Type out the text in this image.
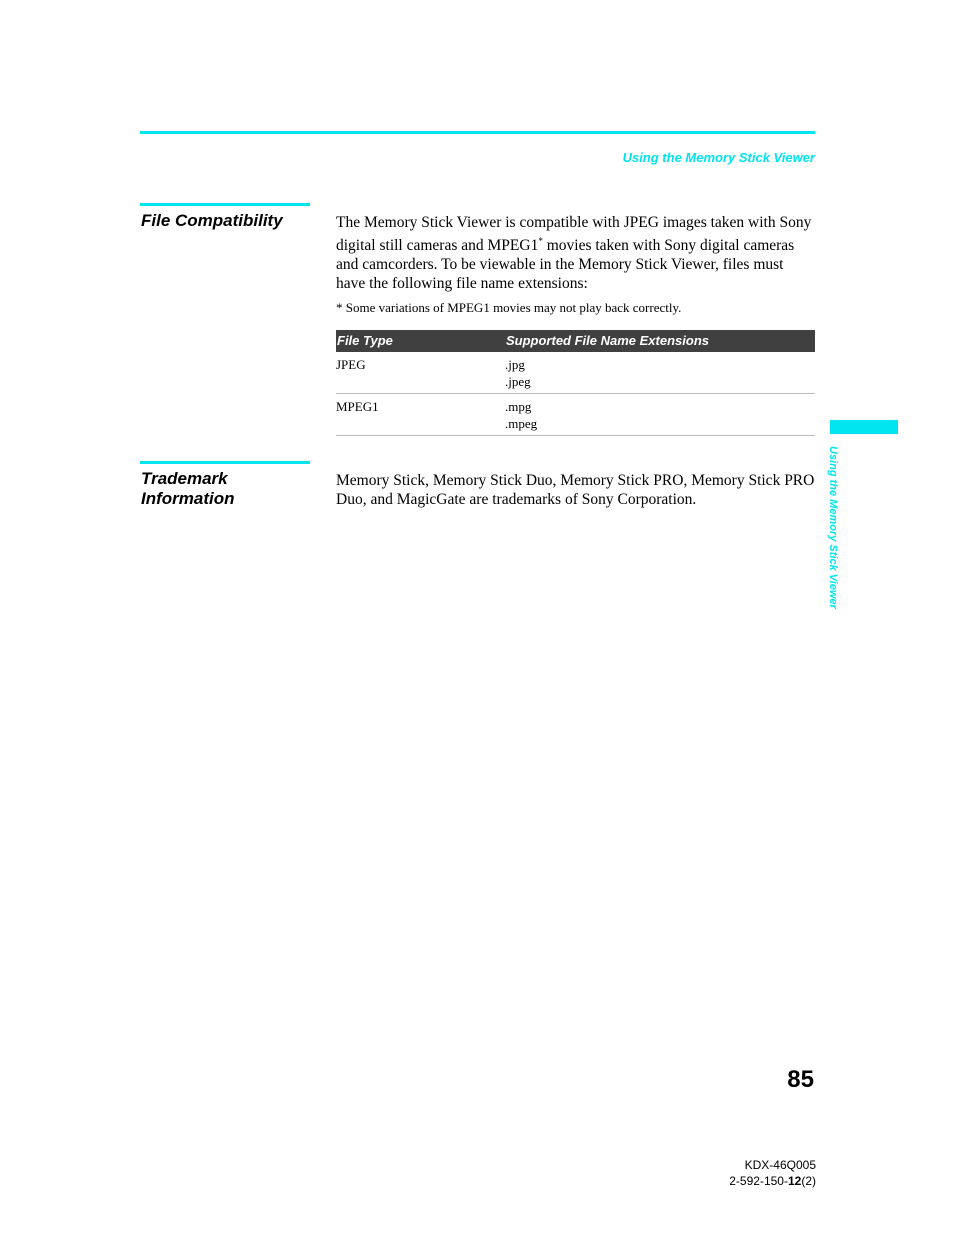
Using the Memory Stick Viewer
File Compatibility	The Memory Stick Viewer is compatible with JPEG images taken with Sony digital still cameras and MPEG1* movies taken with Sony digital cameras and camcorders. To be viewable in the Memory Stick Viewer, files must have the following file name extensions:
* Some variations of MPEG1 movies may not play back correctly.
File Type	Supported File Name Extensions
JPEG	.jpg
.jpeg

MPEG1	.mpg
.mpeg
Trademark
Information
Memory Stick, Memory Stick Duo, Memory Stick PRO, Memory Stick PRO Duo, and MagicGate are trademarks of Sony Corporation.	Using the Memory Stick Viewer
85
KDX-46Q005
2-592-150-12(2)
